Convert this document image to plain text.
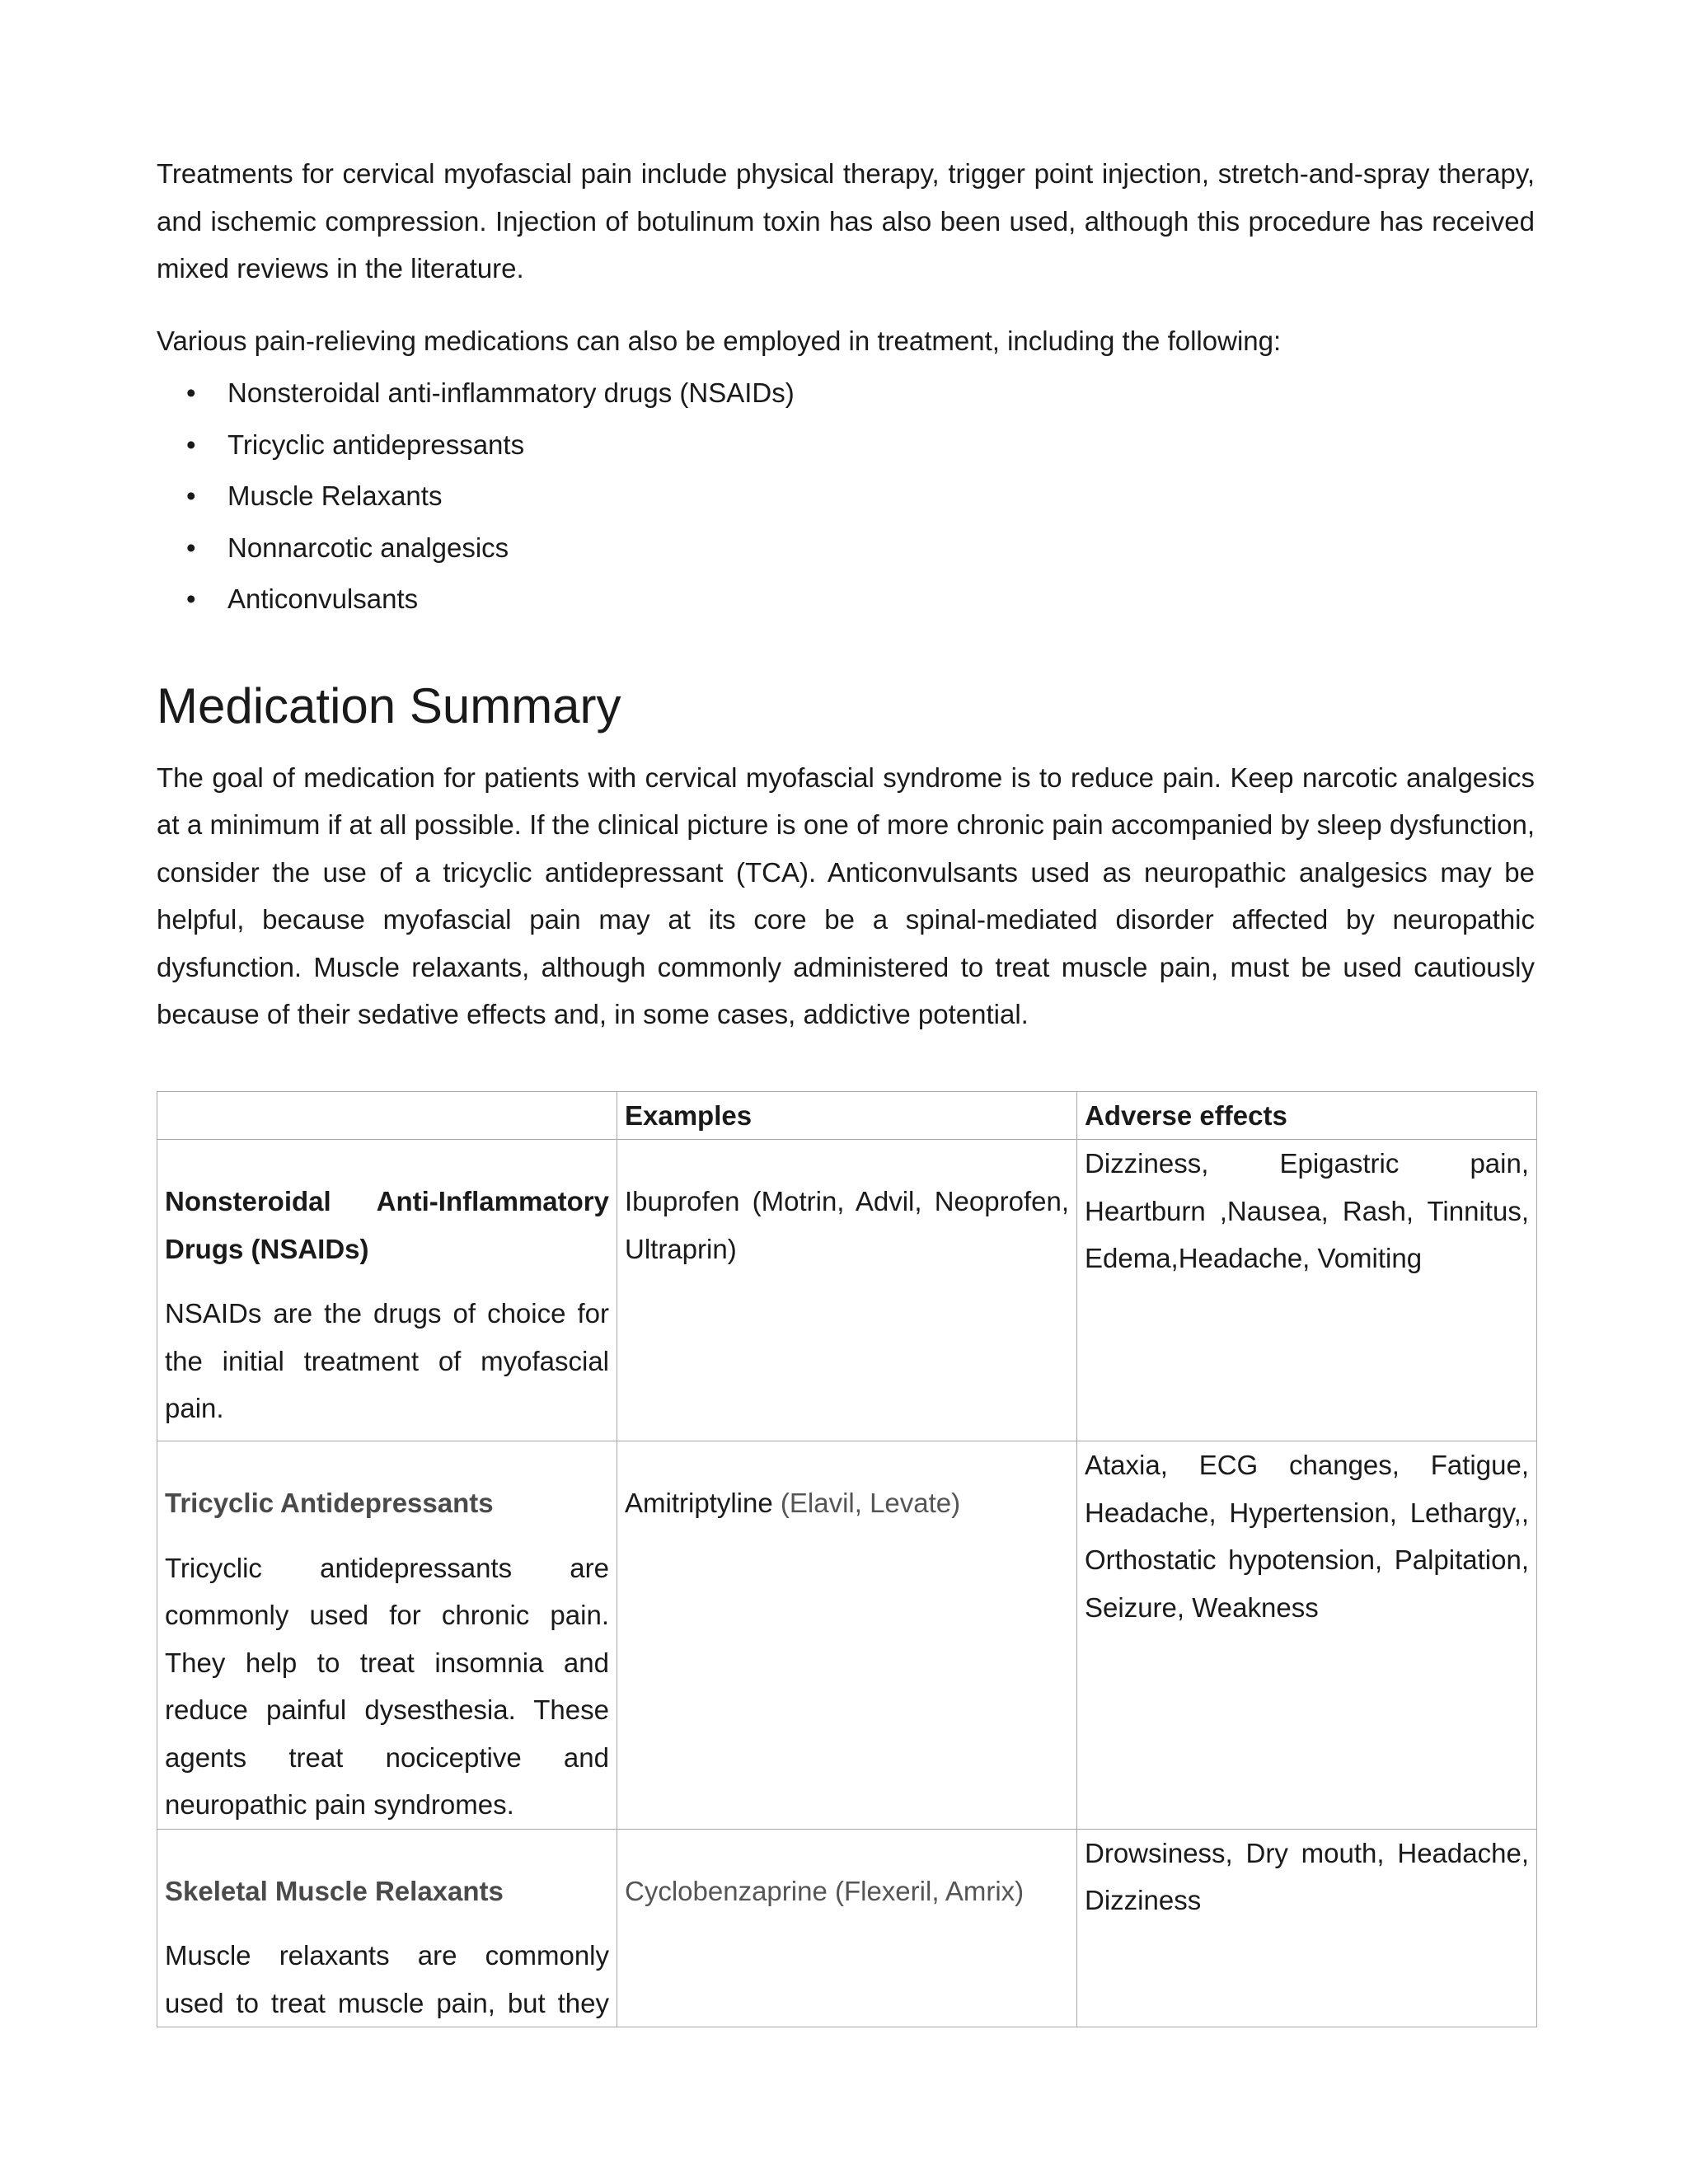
Treatments for cervical myofascial pain include physical therapy, trigger point injection, stretch-and-spray therapy, and ischemic compression. Injection of botulinum toxin has also been used, although this procedure has received mixed reviews in the literature.

Various pain-relieving medications can also be employed in treatment, including the following:

• Nonsteroidal anti-inflammatory drugs (NSAIDs)
• Tricyclic antidepressants
• Muscle Relaxants
• Nonnarcotic analgesics
• Anticonvulsants
Medication Summary

The goal of medication for patients with cervical myofascial syndrome is to reduce pain. Keep narcotic analgesics at a minimum if at all possible. If the clinical picture is one of more chronic pain accompanied by sleep dysfunction, consider the use of a tricyclic antidepressant (TCA). Anticonvulsants used as neuropathic analgesics may be helpful, because myofascial pain may at its core be a spinal-mediated disorder affected by neuropathic dysfunction. Muscle relaxants, although commonly administered to treat muscle pain, must be used cautiously because of their sedative effects and, in some cases, addictive potential.

	Examples	Adverse effects

Nonsteroidal Anti-Inflammatory Drugs (NSAIDs)

NSAIDs are the drugs of choice for the initial treatment of myofascial pain.	Ibuprofen (Motrin, Advil, Neoprofen, Ultraprin)	Dizziness, Epigastric pain, Heartburn ,Nausea, Rash, Tinnitus, Edema,Headache, Vomiting

Tricyclic Antidepressants

Tricyclic antidepressants are commonly used for chronic pain. They help to treat insomnia and reduce painful dysesthesia. These agents treat nociceptive and neuropathic pain syndromes.	Amitriptyline (Elavil, Levate)	Ataxia, ECG changes, Fatigue, Headache, Hypertension, Lethargy,, Orthostatic hypotension, Palpitation, Seizure, Weakness

Skeletal Muscle Relaxants

Muscle relaxants are commonly used to treat muscle pain, but they	Cyclobenzaprine (Flexeril, Amrix)	Drowsiness, Dry mouth, Headache, Dizziness
